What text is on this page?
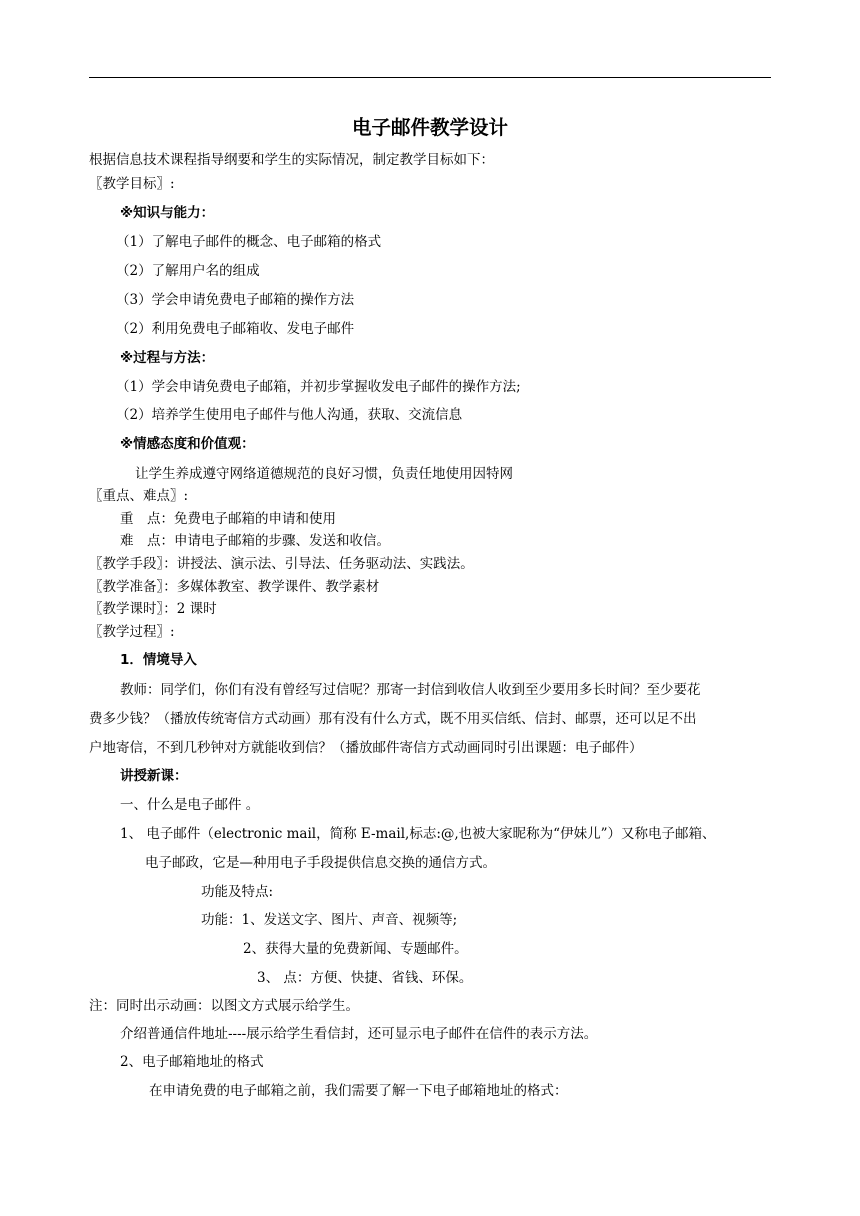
电子邮件教学设计
根据信息技术课程指导纲要和学生的实际情况，制定教学目标如下：
〖教学目标〗:
※知识与能力：
（1）了解电子邮件的概念、电子邮箱的格式
（2）了解用户名的组成
（3）学会申请免费电子邮箱的操作方法
（2）利用免费电子邮箱收、发电子邮件
※过程与方法：
（1）学会申请免费电子邮箱，并初步掌握收发电子邮件的操作方法;
（2）培养学生使用电子邮件与他人沟通，获取、交流信息
※情感态度和价值观：
让学生养成遵守网络道德规范的良好习惯，负责任地使用因特网
〖重点、难点〗:
重　点：免费电子邮箱的申请和使用
难　点：申请电子邮箱的步骤、发送和收信。
〖教学手段〗：讲授法、演示法、引导法、任务驱动法、实践法。
〖教学准备〗：多媒体教室、教学课件、教学素材
〖教学课时〗：2 课时
〖教学过程〗:
1．情境导入
教师：同学们，你们有没有曾经写过信呢？那寄一封信到收信人收到至少要用多长时间？至少要花
费多少钱？（播放传统寄信方式动画）那有没有什么方式，既不用买信纸、信封、邮票，还可以足不出
户地寄信，不到几秒钟对方就能收到信？（播放邮件寄信方式动画同时引出课题：电子邮件）
讲授新课：
一、什么是电子邮件 。
1、 电子邮件（electronic mail，简称 E-mail,标志:@,也被大家昵称为“伊妹儿”）又称电子邮箱、
电子邮政，它是—种用电子手段提供信息交换的通信方式。
功能及特点:
功能：1、发送文字、图片、声音、视频等;
2、获得大量的免费新闻、专题邮件。
3、 点：方便、快捷、省钱、环保。
注：同时出示动画：以图文方式展示给学生。
介绍普通信件地址----展示给学生看信封，还可显示电子邮件在信件的表示方法。
2、电子邮箱地址的格式
在申请免费的电子邮箱之前，我们需要了解一下电子邮箱地址的格式：
